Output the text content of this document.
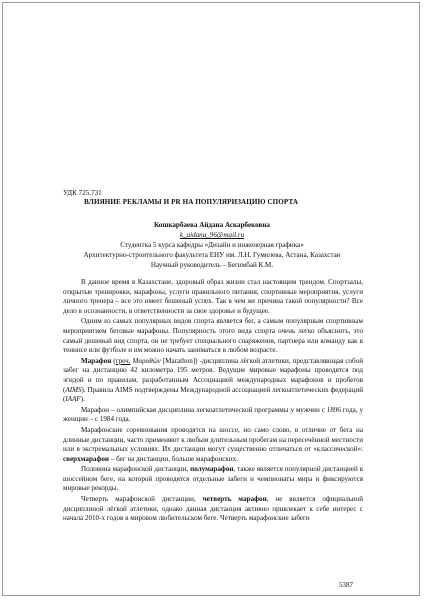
УДК 725.731
ВЛИЯНИЕ РЕКЛАМЫ И PR НА ПОПУЛЯРИЗАЦИЮ СПОРТА
Кошкарбаева Айдана Аскарбековна
k_aidana_96@mail.ru
Студентка 5 курса кафедры «Дизайн и инженерная графика»
Архитектурно-строительного факультета ЕНУ им. Л.Н. Гумилева, Астана, Казахстан
Научный руководитель – Бегимбай К.М.

В данное время в Казахстане, здоровый образ жизни стал настоящим трендом. Спортзалы, открытые тренировки, марафоны, услуги правильного питания, спортивные мероприятия, услуги личного тренера – все это имеет бешеный успех. Так в чем же причина такой популярности? Все дело в осознанности, в ответственности за свое здоровье и будущее.

Одним из самых популярных видов спорта является бег, а самым популярным спортивным мероприятием беговые марафоны. Популярность этого вида спорта очень легко объяснить, это самый дешевый вид спорта, он не требует специального снаряжения, партнера или команду как в теннисе или футболе и им можно начать заниматься в любом возрасте.

Марафон (греч. Μαραθών [Marathon]) -дисциплина лёгкой атлетики, представляющая собой забег на дистанцию 42 километра 195 метров. Ведущие мировые марафоны проводятся под эгидой и по правилам, разработанным Ассоциацией международных марафонов и пробегов (AIMS). Правила AIMS подтверждены Международной ассоциацией легкоатлетических федераций (IAAF).

Марафон – олимпийская дисциплина легкоатлетической программы у мужчин с 1896 года, у женщин – с 1984 года.

Марафонские соревнования проводятся на шоссе, но само слово, в отличие от бега на длинные дистанции, часто применяют к любым длительным пробегам на пересечённой местности или в экстремальных условиях. Их дистанции могут существенно отличаться от «классической»: сверхмарафон – бег на дистанции, больше марафонских.

Половина марафонской дистанции, полумарафон, также является популярной дистанцией в шоссейном беге, на которой проводятся отдельные забеги и чемпионаты мира и фиксируются мировые рекорды.

Четверть марафонской дистанции, четверть марафон, не является официальной дисциплиной лёгкой атлетики, однако данная дистанция активно привлекает к себе интерес с начала 2010-х годов в мировом любительском беге. Четверть марафонские забеги

5387
